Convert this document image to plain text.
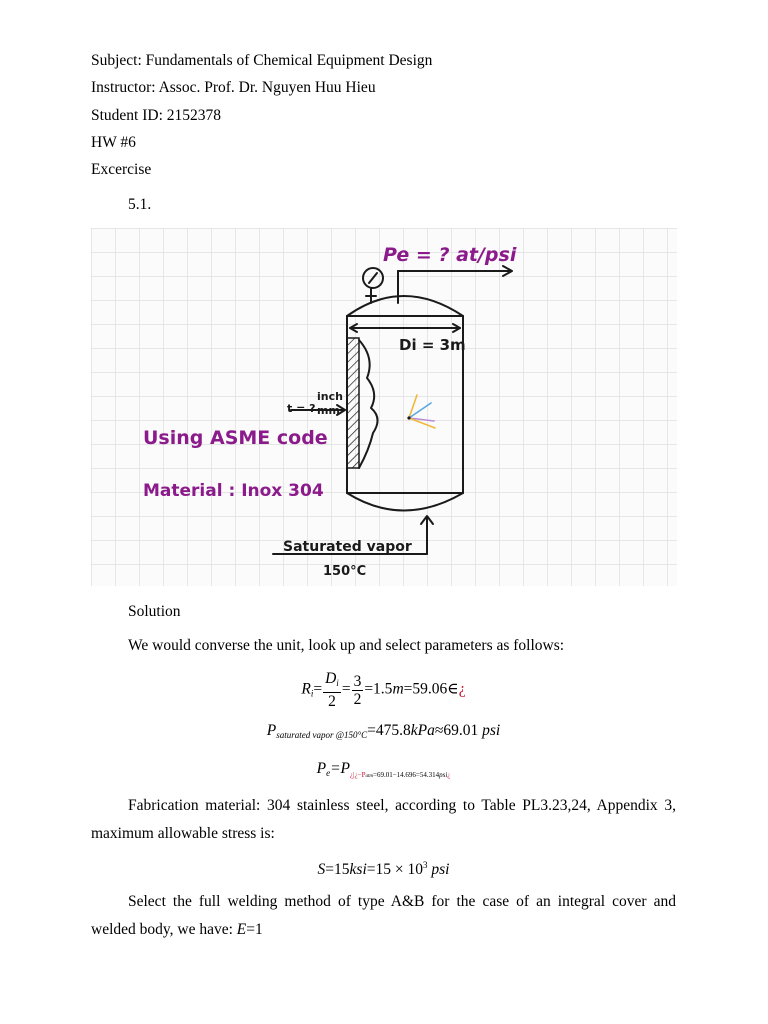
Subject: Fundamentals of Chemical Equipment Design
Instructor: Assoc. Prof. Dr. Nguyen Huu Hieu
Student ID: 2152378
HW #6
Excercise
5.1.
Pe = ? at/psi
Di = 3m
inch
t = ? mm
Using ASME code
Material : Inox 304
Saturated vapor
150°C
Solution
We would converse the unit, look up and select parameters as follows:
$R_i= \frac{D_i}{2} = \frac{3}{2}$ =1.5m=59.06∈¿
$P_{saturated vapor @150^\circ C}=475.8kPa\approx 69.01$ psi
$P_e=P_{¿|¿-Patm=69.01-14.696=54.314psi¿}$
Fabrication material: 304 stainless steel, according to Table PL3.23,24, Appendix 3, maximum allowable stress is:
$S=15ksi=15 \times 10^3$ psi
Select the full welding method of type A&B for the case of an integral cover and welded body, we have: E=1
